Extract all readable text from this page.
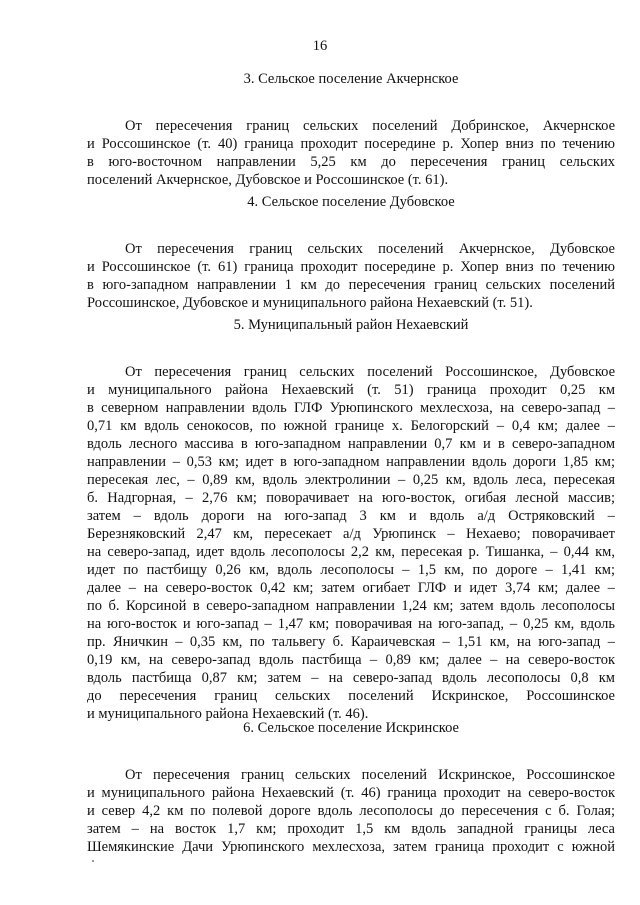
16
3. Сельское поселение Акчернское
От пересечения границ сельских поселений Добринское, Акчернское
и Россошинское (т. 40) граница проходит посередине р. Хопер вниз по течению
в юго-восточном направлении 5,25 км до пересечения границ сельских
поселений Акчернское, Дубовское и Россошинское (т. 61).
4. Сельское поселение Дубовское
От пересечения границ сельских поселений Акчернское, Дубовское
и Россошинское (т. 61) граница проходит посередине р. Хопер вниз по течению
в юго-западном направлении 1 км до пересечения границ сельских поселений
Россошинское, Дубовское и муниципального района Нехаевский (т. 51).
5. Муниципальный район Нехаевский
От пересечения границ сельских поселений Россошинское, Дубовское
и муниципального района Нехаевский (т. 51) граница проходит 0,25 км
в северном направлении вдоль ГЛФ Урюпинского мехлесхоза, на северо-запад –
0,71 км вдоль сенокосов, по южной границе х. Белогорский – 0,4 км; далее –
вдоль лесного массива в юго-западном направлении 0,7 км и в северо-западном
направлении – 0,53 км; идет в юго-западном направлении вдоль дороги 1,85 км;
пересекая лес, – 0,89 км, вдоль электролинии – 0,25 км, вдоль леса, пересекая
б. Надгорная, – 2,76 км; поворачивает на юго-восток, огибая лесной массив;
затем – вдоль дороги на юго-запад 3 км и вдоль а/д Остряковский –
Березняковский 2,47 км, пересекает а/д Урюпинск – Нехаево; поворачивает
на северо-запад, идет вдоль лесополосы 2,2 км, пересекая р. Тишанка, – 0,44 км,
идет по пастбищу 0,26 км, вдоль лесополосы – 1,5 км, по дороге – 1,41 км;
далее – на северо-восток 0,42 км; затем огибает ГЛФ и идет 3,74 км; далее –
по б. Корсиной в северо-западном направлении 1,24 км; затем вдоль лесополосы
на юго-восток и юго-запад – 1,47 км; поворачивая на юго-запад, – 0,25 км, вдоль
пр. Яничкин – 0,35 км, по тальвегу б. Караичевская – 1,51 км, на юго-запад –
0,19 км, на северо-запад вдоль пастбища – 0,89 км; далее – на северо-восток
вдоль пастбища 0,87 км; затем – на северо-запад вдоль лесополосы 0,8 км
до пересечения границ сельских поселений Искринское, Россошинское
и муниципального района Нехаевский (т. 46).
6. Сельское поселение Искринское
От пересечения границ сельских поселений Искринское, Россошинское
и муниципального района Нехаевский (т. 46) граница проходит на северо-восток
и север 4,2 км по полевой дороге вдоль лесополосы до пересечения с б. Голая;
затем – на восток 1,7 км; проходит 1,5 км вдоль западной границы леса
Шемякинские Дачи Урюпинского мехлесхоза, затем граница проходит с южной
